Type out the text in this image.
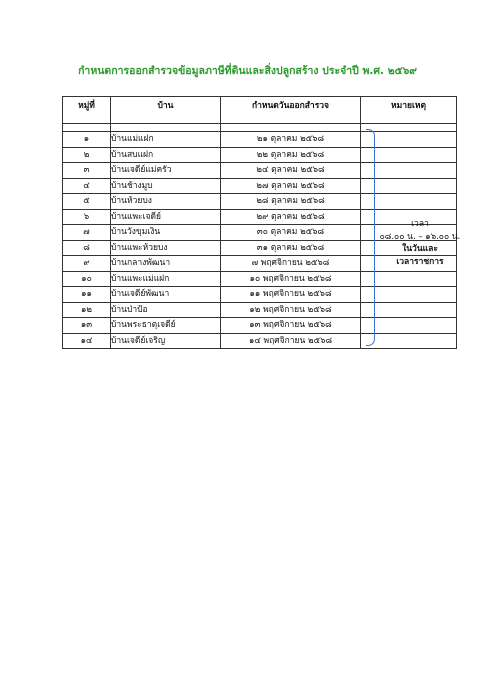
กำหนดการออกสำรวจข้อมูลภาษีที่ดินและสิ่งปลูกสร้าง ประจำปี พ.ศ. ๒๕๖๙
หมู่ที่	บ้าน	กำหนดวันออกสำรวจ	หมายเหตุ

๑	บ้านแม่แฝก	๒๑ ตุลาคม ๒๕๖๘	
๒	บ้านสบแฝก	๒๒ ตุลาคม ๒๕๖๘	
๓	บ้านเจดีย์แม่ครัว	๒๔ ตุลาคม ๒๕๖๘	
๔	บ้านช้างมูบ	๒๗ ตุลาคม ๒๕๖๘	
๕	บ้านห้วยบง	๒๘ ตุลาคม ๒๕๖๘	
๖	บ้านแพะเจดีย์	๒๙ ตุลาคม ๒๕๖๘	
๗	บ้านวังขุมเงิน	๓๐ ตุลาคม ๒๕๖๘	
๘	บ้านแพะห้วยบง	๓๑ ตุลาคม ๒๕๖๘	
๙	บ้านกลางพัฒนา	๗ พฤศจิกายน ๒๕๖๘	
๑๐	บ้านแพะแม่แฝก	๑๐ พฤศจิกายน ๒๕๖๘	
๑๑	บ้านเจดีย์พัฒนา	๑๑ พฤศจิกายน ๒๕๖๘	
๑๒	บ้านป่าป้อ	๑๒ พฤศจิกายน ๒๕๖๘	
๑๓	บ้านพระธาตุเจดีย์	๑๓ พฤศจิกายน ๒๕๖๘	
๑๔	บ้านเจดีย์เจริญ	๑๔ พฤศจิกายน ๒๕๖๘	
เวลา
๐๘.๐๐ น. – ๑๖.๐๐ น.
ในวันและ
เวลาราชการ
